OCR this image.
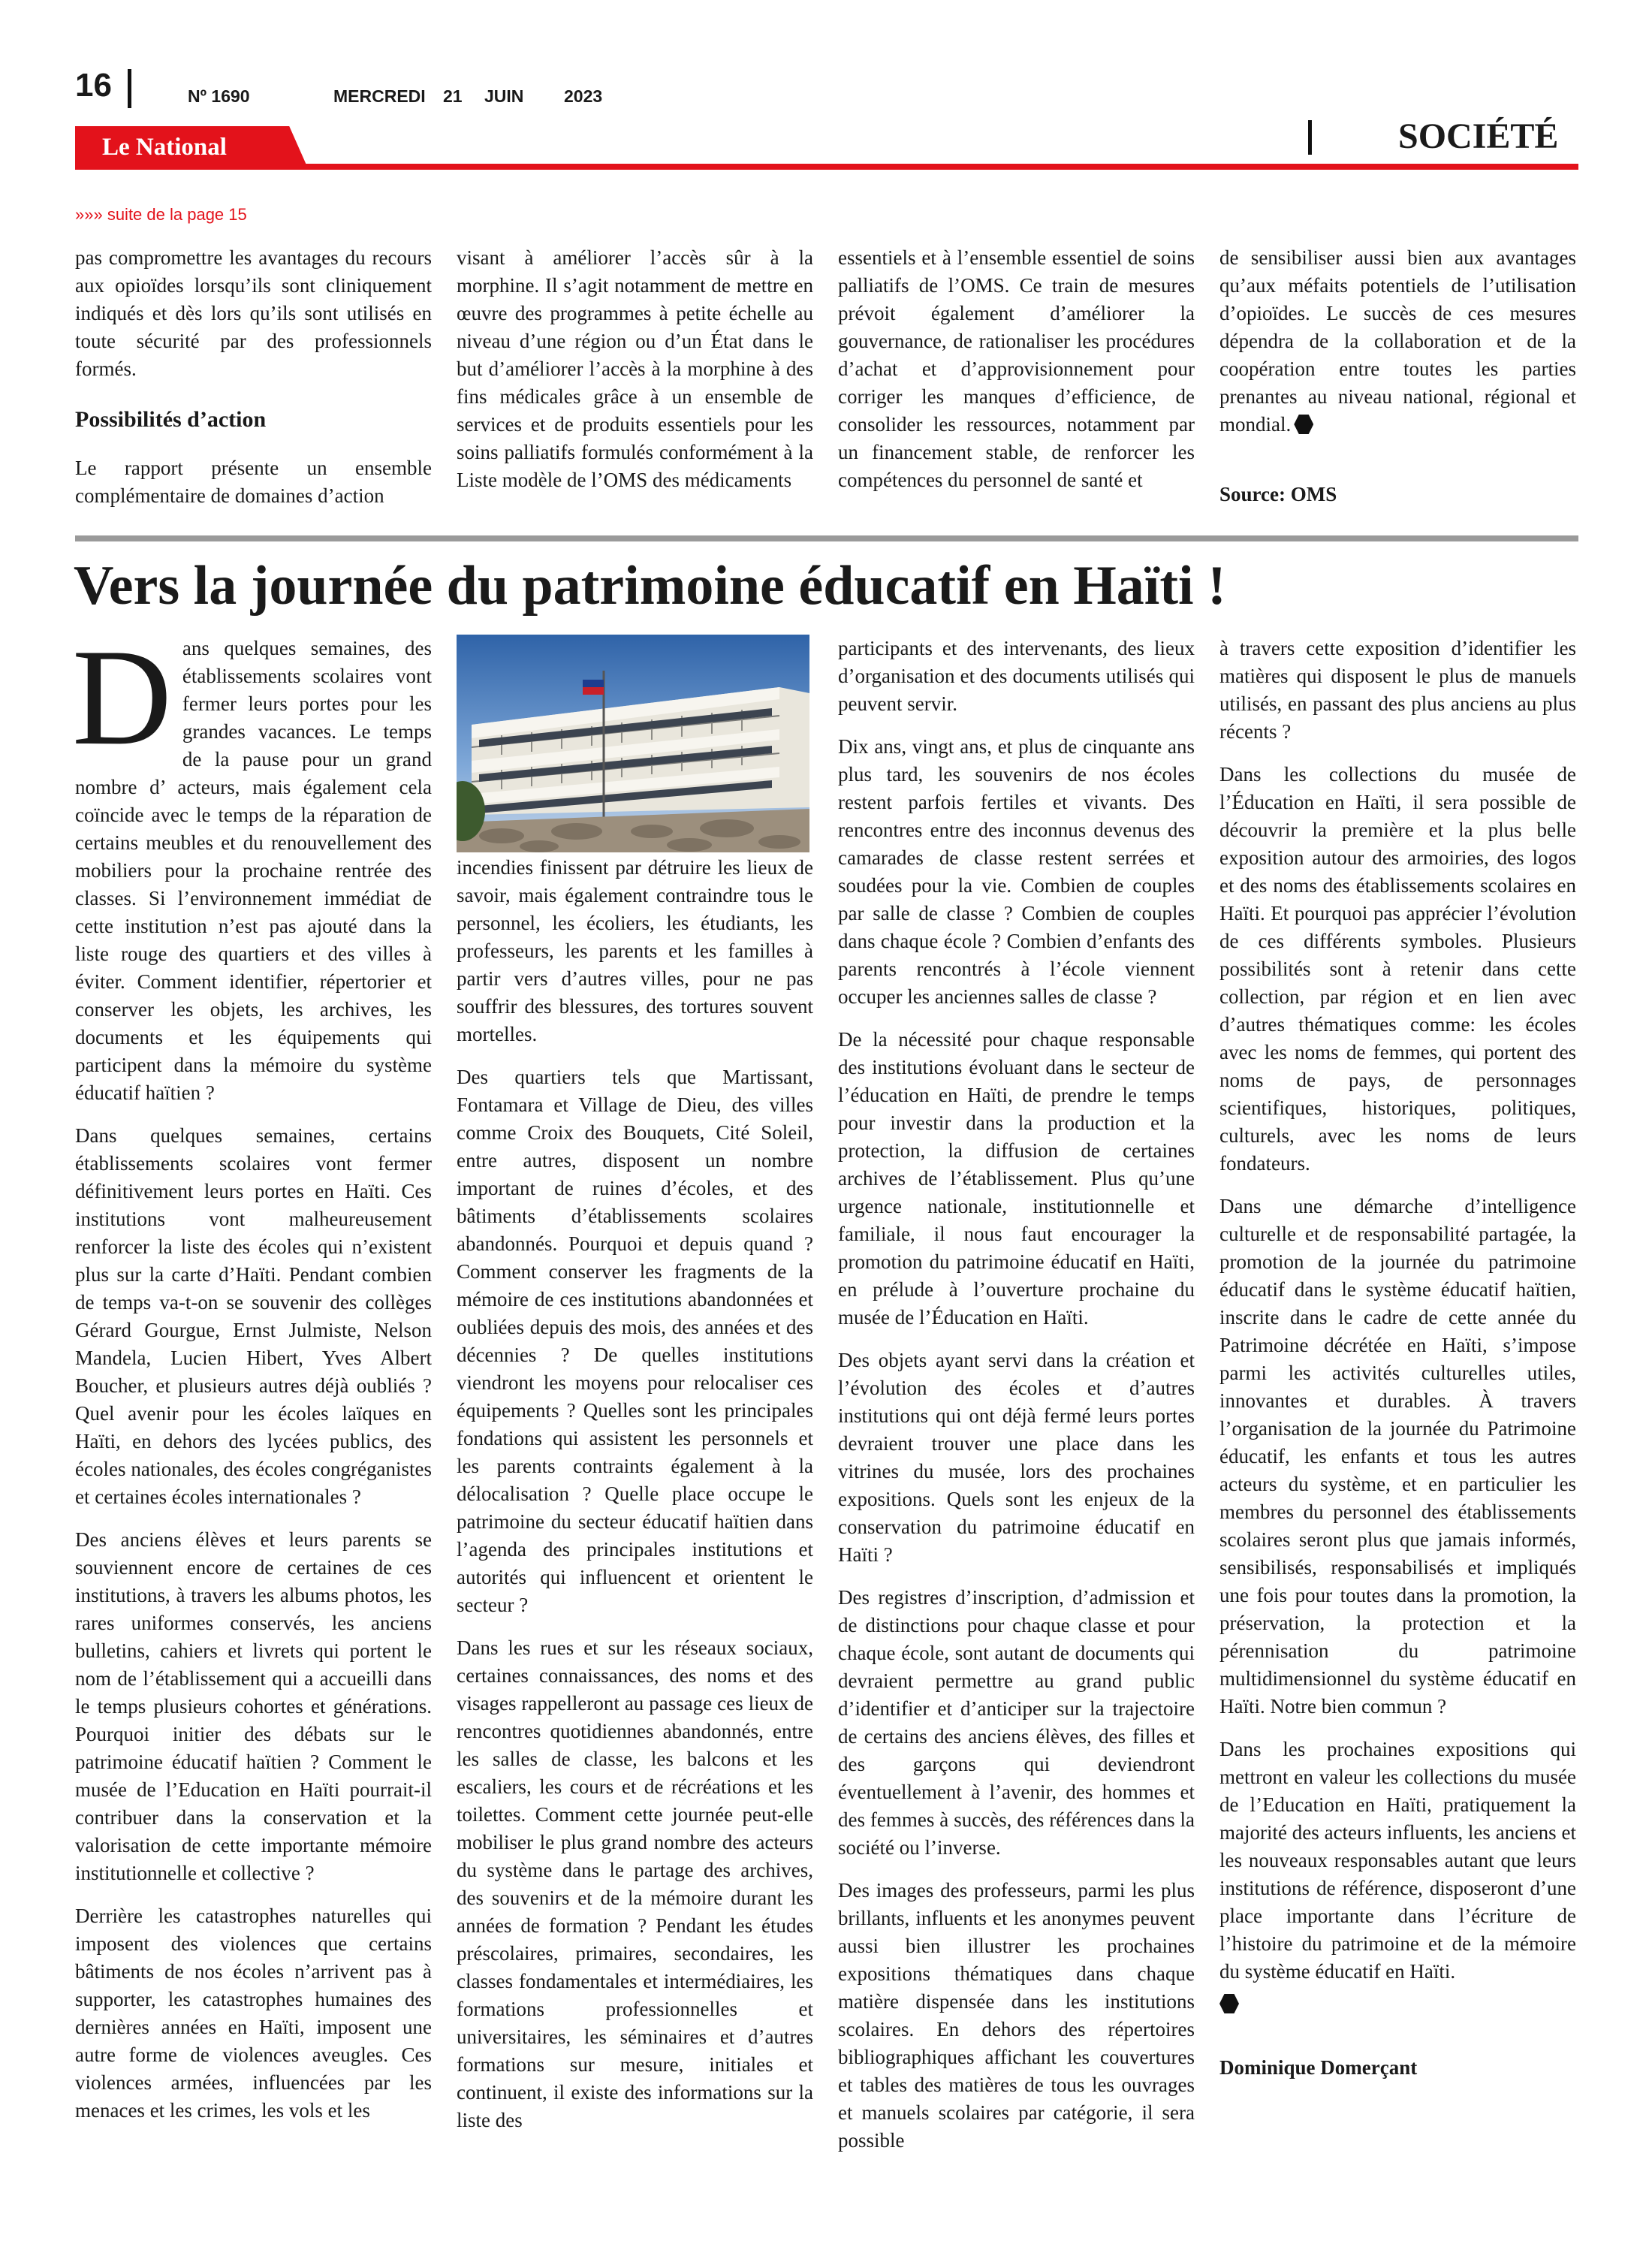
16	Nº 1690	MERCREDI 21 JUIN 2023
Le National	SOCIÉTÉ
»»» suite de la page 15

pas compromettre les avantages du recours aux opioïdes lorsqu’ils sont cliniquement indiqués et dès lors qu’ils sont utilisés en toute sécurité par des professionnels formés.

Possibilités d’action

Le rapport présente un ensemble complémentaire de domaines d’action

visant à améliorer l’accès sûr à la morphine. Il s’agit notamment de mettre en œuvre des programmes à petite échelle au niveau d’une région ou d’un État dans le but d’améliorer l’accès à la morphine à des fins médicales grâce à un ensemble de services et de produits essentiels pour les soins palliatifs formulés conformément à la Liste modèle de l’OMS des médicaments

essentiels et à l’ensemble essentiel de soins palliatifs de l’OMS. Ce train de mesures prévoit également d’améliorer la gouvernance, de rationaliser les procédures d’achat et d’approvisionnement pour corriger les manques d’efficience, de consolider les ressources, notamment par un financement stable, de renforcer les compétences du personnel de santé et

de sensibiliser aussi bien aux avantages qu’aux méfaits potentiels de l’utilisation d’opioïdes. Le succès de ces mesures dépendra de la collaboration et de la coopération entre toutes les parties prenantes au niveau national, régional et mondial.

Source: OMS
Vers la journée du patrimoine éducatif en Haïti !

Dans quelques semaines, des établissements scolaires vont fermer leurs portes pour les grandes vacances. Le temps de la pause pour un grand nombre d’ acteurs, mais également cela coïncide avec le temps de la réparation de certains meubles et du renouvellement des mobiliers pour la prochaine rentrée des classes. Si l’environnement immédiat de cette institution n’est pas ajouté dans la liste rouge des quartiers et des villes à éviter. Comment identifier, répertorier et conserver les objets, les archives, les documents et les équipements qui participent dans la mémoire du système éducatif haïtien ?

Dans quelques semaines, certains établissements scolaires vont fermer définitivement leurs portes en Haïti. Ces institutions vont malheureusement renforcer la liste des écoles qui n’existent plus sur la carte d’Haïti. Pendant combien de temps va-t-on se souvenir des collèges Gérard Gourgue, Ernst Julmiste, Nelson Mandela, Lucien Hibert, Yves Albert Boucher, et plusieurs autres déjà oubliés ? Quel avenir pour les écoles laïques en Haïti, en dehors des lycées publics, des écoles nationales, des écoles congréganistes et certaines écoles internationales ?

Des anciens élèves et leurs parents se souviennent encore de certaines de ces institutions, à travers les albums photos, les rares uniformes conservés, les anciens bulletins, cahiers et livrets qui portent le nom de l’établissement qui a accueilli dans le temps plusieurs cohortes et générations. Pourquoi initier des débats sur le patrimoine éducatif haïtien ? Comment le musée de l’Education en Haïti pourrait-il contribuer dans la conservation et la valorisation de cette importante mémoire institutionnelle et collective ?

Derrière les catastrophes naturelles qui imposent des violences que certains bâtiments de nos écoles n’arrivent pas à supporter, les catastrophes humaines des dernières années en Haïti, imposent une autre forme de violences aveugles. Ces violences armées, influencées par les menaces et les crimes, les vols et les

incendies finissent par détruire les lieux de savoir, mais également contraindre tous le personnel, les écoliers, les étudiants, les professeurs, les parents et les familles à partir vers d’autres villes, pour ne pas souffrir des blessures, des tortures souvent mortelles.

Des quartiers tels que Martissant, Fontamara et Village de Dieu, des villes comme Croix des Bouquets, Cité Soleil, entre autres, disposent un nombre important de ruines d’écoles, et des bâtiments d’établissements scolaires abandonnés. Pourquoi et depuis quand ? Comment conserver les fragments de la mémoire de ces institutions abandonnées et oubliées depuis des mois, des années et des décennies ? De quelles institutions viendront les moyens pour relocaliser ces équipements ? Quelles sont les principales fondations qui assistent les personnels et les parents contraints également à la délocalisation ? Quelle place occupe le patrimoine du secteur éducatif haïtien dans l’agenda des principales institutions et autorités qui influencent et orientent le secteur ?

Dans les rues et sur les réseaux sociaux, certaines connaissances, des noms et des visages rappelleront au passage ces lieux de rencontres quotidiennes abandonnés, entre les salles de classe, les balcons et les escaliers, les cours et de récréations et les toilettes. Comment cette journée peut-elle mobiliser le plus grand nombre des acteurs du système dans le partage des archives, des souvenirs et de la mémoire durant les années de formation ? Pendant les études préscolaires, primaires, secondaires, les classes fondamentales et intermédiaires, les formations professionnelles et universitaires, les séminaires et d’autres formations sur mesure, initiales et continuent, il existe des informations sur la liste des

participants et des intervenants, des lieux d’organisation et des documents utilisés qui peuvent servir.

Dix ans, vingt ans, et plus de cinquante ans plus tard, les souvenirs de nos écoles restent parfois fertiles et vivants. Des rencontres entre des inconnus devenus des camarades de classe restent serrées et soudées pour la vie. Combien de couples par salle de classe ? Combien de couples dans chaque école ? Combien d’enfants des parents rencontrés à l’école viennent occuper les anciennes salles de classe ?

De la nécessité pour chaque responsable des institutions évoluant dans le secteur de l’éducation en Haïti, de prendre le temps pour investir dans la production et la protection, la diffusion de certaines archives de l’établissement. Plus qu’une urgence nationale, institutionnelle et familiale, il nous faut encourager la promotion du patrimoine éducatif en Haïti, en prélude à l’ouverture prochaine du musée de l’Éducation en Haïti.

Des objets ayant servi dans la création et l’évolution des écoles et d’autres institutions qui ont déjà fermé leurs portes devraient trouver une place dans les vitrines du musée, lors des prochaines expositions. Quels sont les enjeux de la conservation du patrimoine éducatif en Haïti ?

Des registres d’inscription, d’admission et de distinctions pour chaque classe et pour chaque école, sont autant de documents qui devraient permettre au grand public d’identifier et d’anticiper sur la trajectoire de certains des anciens élèves, des filles et des garçons qui deviendront éventuellement à l’avenir, des hommes et des femmes à succès, des références dans la société ou l’inverse.

Des images des professeurs, parmi les plus brillants, influents et les anonymes peuvent aussi bien illustrer les prochaines expositions thématiques dans chaque matière dispensée dans les institutions scolaires. En dehors des répertoires bibliographiques affichant les couvertures et tables des matières de tous les ouvrages et manuels scolaires par catégorie, il sera possible

à travers cette exposition d’identifier les matières qui disposent le plus de manuels utilisés, en passant des plus anciens au plus récents ?

Dans les collections du musée de l’Éducation en Haïti, il sera possible de découvrir la première et la plus belle exposition autour des armoiries, des logos et des noms des établissements scolaires en Haïti. Et pourquoi pas apprécier l’évolution de ces différents symboles. Plusieurs possibilités sont à retenir dans cette collection, par région et en lien avec d’autres thématiques comme: les écoles avec les noms de femmes, qui portent des noms de pays, de personnages scientifiques, historiques, politiques, culturels, avec les noms de leurs fondateurs.

Dans une démarche d’intelligence culturelle et de responsabilité partagée, la promotion de la journée du patrimoine éducatif dans le système éducatif haïtien, inscrite dans le cadre de cette année du Patrimoine décrétée en Haïti, s’impose parmi les activités culturelles utiles, innovantes et durables. À travers l’organisation de la journée du Patrimoine éducatif, les enfants et tous les autres acteurs du système, et en particulier les membres du personnel des établissements scolaires seront plus que jamais informés, sensibilisés, responsabilisés et impliqués une fois pour toutes dans la promotion, la préservation, la protection et la pérennisation du patrimoine multidimensionnel du système éducatif en Haïti. Notre bien commun ?

Dans les prochaines expositions qui mettront en valeur les collections du musée de l’Education en Haïti, pratiquement la majorité des acteurs influents, les anciens et les nouveaux responsables autant que leurs institutions de référence, disposeront d’une place importante dans l’écriture de l’histoire du patrimoine et de la mémoire du système éducatif en Haïti.

Dominique Domerçant
